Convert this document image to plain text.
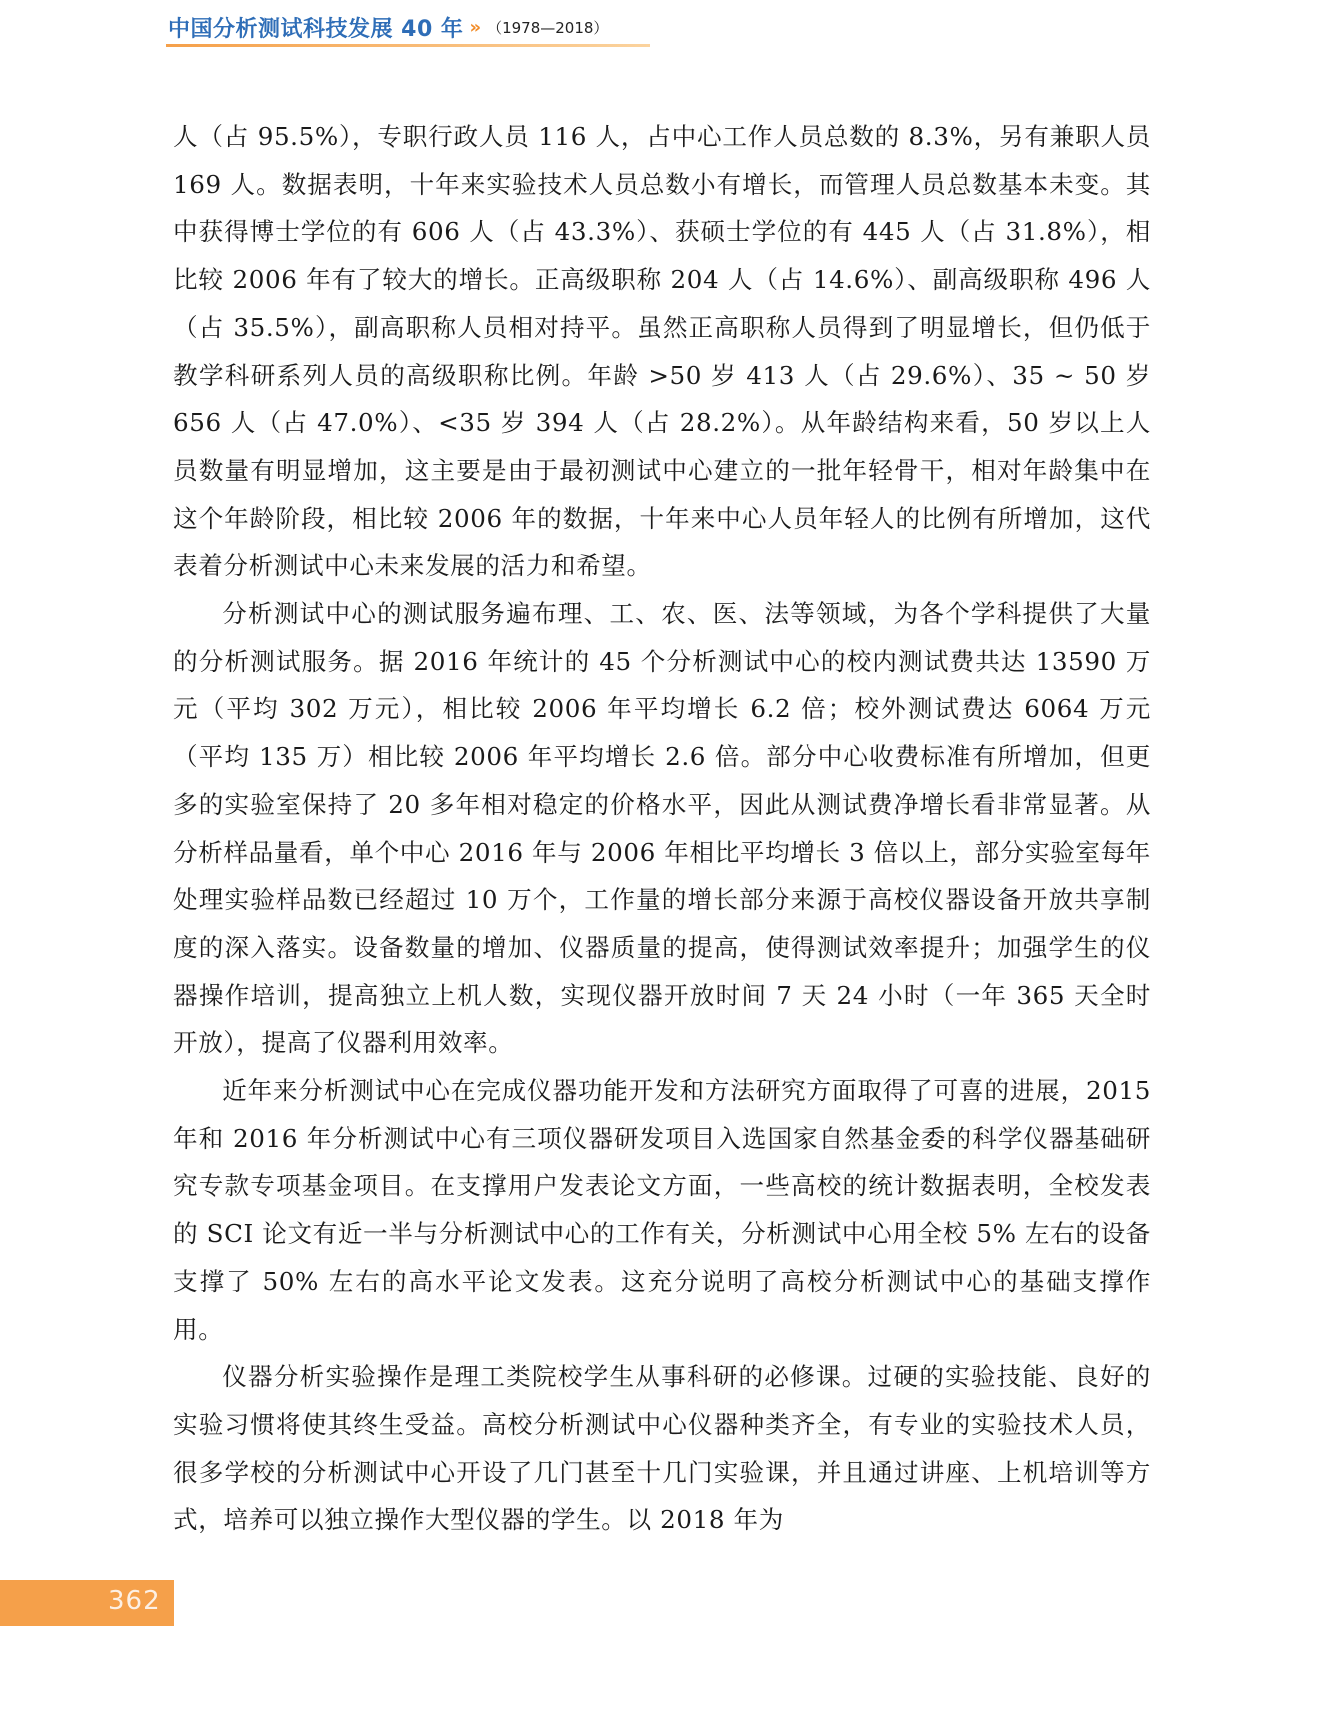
中国分析测试科技发展 40 年 » （1978—2018）

人（占 95.5%），专职行政人员 116 人，占中心工作人员总数的 8.3%，另有兼职人员 169 人。数据表明，十年来实验技术人员总数小有增长，而管理人员总数基本未变。其中获得博士学位的有 606 人（占 43.3%）、获硕士学位的有 445 人（占 31.8%），相比较 2006 年有了较大的增长。正高级职称 204 人（占 14.6%）、副高级职称 496 人（占 35.5%），副高职称人员相对持平。虽然正高职称人员得到了明显增长，但仍低于教学科研系列人员的高级职称比例。年龄 >50 岁 413 人（占 29.6%）、35 ~ 50 岁 656 人（占 47.0%）、<35 岁 394 人（占 28.2%）。从年龄结构来看，50 岁以上人员数量有明显增加，这主要是由于最初测试中心建立的一批年轻骨干，相对年龄集中在这个年龄阶段，相比较 2006 年的数据，十年来中心人员年轻人的比例有所增加，这代表着分析测试中心未来发展的活力和希望。

分析测试中心的测试服务遍布理、工、农、医、法等领域，为各个学科提供了大量的分析测试服务。据 2016 年统计的 45 个分析测试中心的校内测试费共达 13590 万元（平均 302 万元），相比较 2006 年平均增长 6.2 倍；校外测试费达 6064 万元（平均 135 万）相比较 2006 年平均增长 2.6 倍。部分中心收费标准有所增加，但更多的实验室保持了 20 多年相对稳定的价格水平，因此从测试费净增长看非常显著。从分析样品量看，单个中心 2016 年与 2006 年相比平均增长 3 倍以上，部分实验室每年处理实验样品数已经超过 10 万个，工作量的增长部分来源于高校仪器设备开放共享制度的深入落实。设备数量的增加、仪器质量的提高，使得测试效率提升；加强学生的仪器操作培训，提高独立上机人数，实现仪器开放时间 7 天 24 小时（一年 365 天全时开放），提高了仪器利用效率。

近年来分析测试中心在完成仪器功能开发和方法研究方面取得了可喜的进展，2015 年和 2016 年分析测试中心有三项仪器研发项目入选国家自然基金委的科学仪器基础研究专款专项基金项目。在支撑用户发表论文方面，一些高校的统计数据表明，全校发表的 SCI 论文有近一半与分析测试中心的工作有关，分析测试中心用全校 5% 左右的设备支撑了 50% 左右的高水平论文发表。这充分说明了高校分析测试中心的基础支撑作用。

仪器分析实验操作是理工类院校学生从事科研的必修课。过硬的实验技能、良好的实验习惯将使其终生受益。高校分析测试中心仪器种类齐全，有专业的实验技术人员，很多学校的分析测试中心开设了几门甚至十几门实验课，并且通过讲座、上机培训等方式，培养可以独立操作大型仪器的学生。以 2018 年为

362
